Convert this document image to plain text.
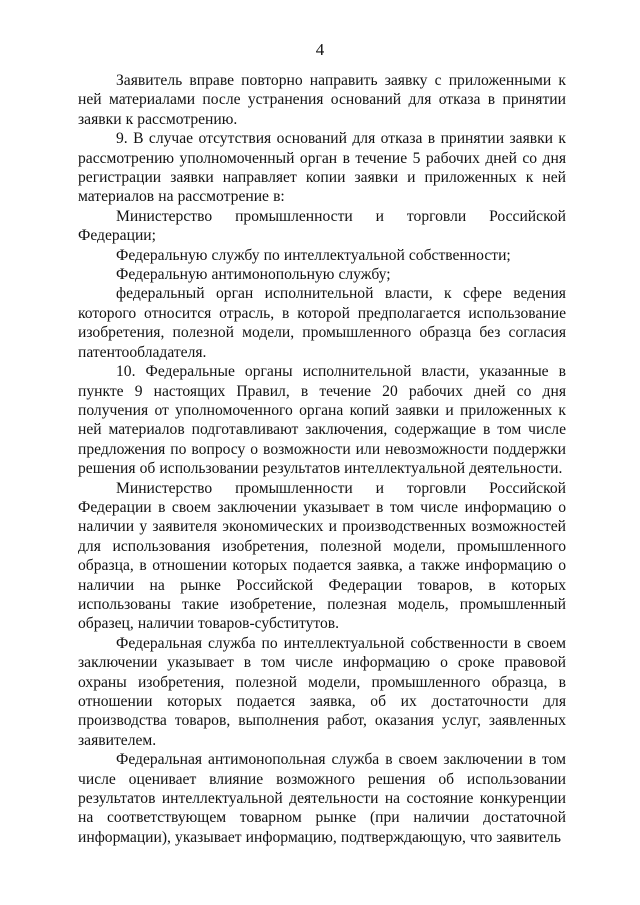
4

Заявитель вправе повторно направить заявку с приложенными к ней материалами после устранения оснований для отказа в принятии заявки к рассмотрению.

9. В случае отсутствия оснований для отказа в принятии заявки к рассмотрению уполномоченный орган в течение 5 рабочих дней со дня регистрации заявки направляет копии заявки и приложенных к ней материалов на рассмотрение в:

Министерство промышленности и торговли Российской Федерации;

Федеральную службу по интеллектуальной собственности;

Федеральную антимонопольную службу;

федеральный орган исполнительной власти, к сфере ведения которого относится отрасль, в которой предполагается использование изобретения, полезной модели, промышленного образца без согласия патентообладателя.

10. Федеральные органы исполнительной власти, указанные в пункте 9 настоящих Правил, в течение 20 рабочих дней со дня получения от уполномоченного органа копий заявки и приложенных к ней материалов подготавливают заключения, содержащие в том числе предложения по вопросу о возможности или невозможности поддержки решения об использовании результатов интеллектуальной деятельности.

Министерство промышленности и торговли Российской Федерации в своем заключении указывает в том числе информацию о наличии у заявителя экономических и производственных возможностей для использования изобретения, полезной модели, промышленного образца, в отношении которых подается заявка, а также информацию о наличии на рынке Российской Федерации товаров, в которых использованы такие изобретение, полезная модель, промышленный образец, наличии товаров-субститутов.

Федеральная служба по интеллектуальной собственности в своем заключении указывает в том числе информацию о сроке правовой охраны изобретения, полезной модели, промышленного образца, в отношении которых подается заявка, об их достаточности для производства товаров, выполнения работ, оказания услуг, заявленных заявителем.

Федеральная антимонопольная служба в своем заключении в том числе оценивает влияние возможного решения об использовании результатов интеллектуальной деятельности на состояние конкуренции на соответствующем товарном рынке (при наличии достаточной информации), указывает информацию, подтверждающую, что заявитель
